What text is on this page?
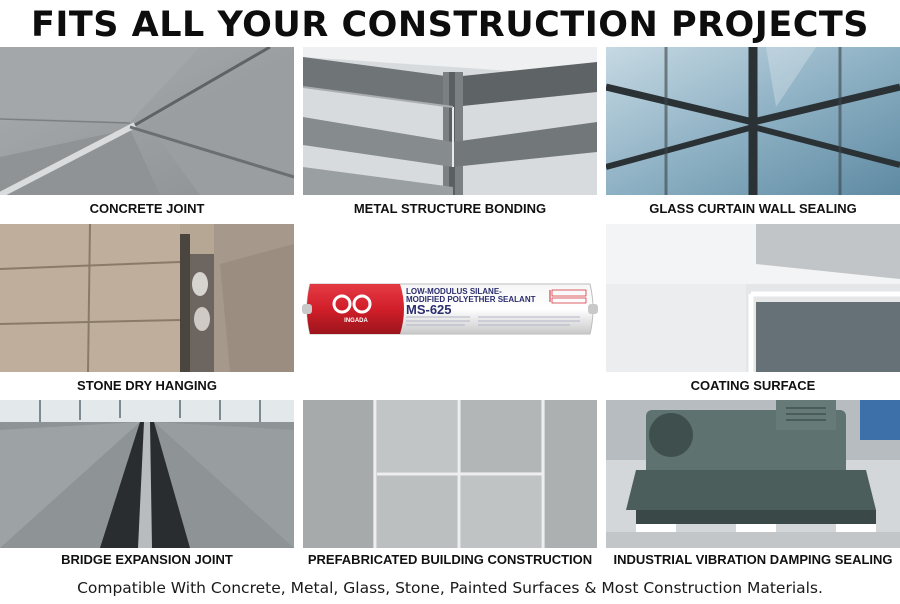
FITS ALL YOUR CONSTRUCTION PROJECTS
CONCRETE JOINT	METAL STRUCTURE BONDING	GLASS CURTAIN WALL SEALING
STONE DRY HANGING
INGADA
LOW-MODULUS SILANE-
MODIFIED POLYETHER SEALANT
MS-625
COATING SURFACE
BRIDGE EXPANSION JOINT	PREFABRICATED BUILDING CONSTRUCTION	INDUSTRIAL VIBRATION DAMPING SEALING
Compatible With Concrete, Metal, Glass, Stone, Painted Surfaces & Most Construction Materials.
